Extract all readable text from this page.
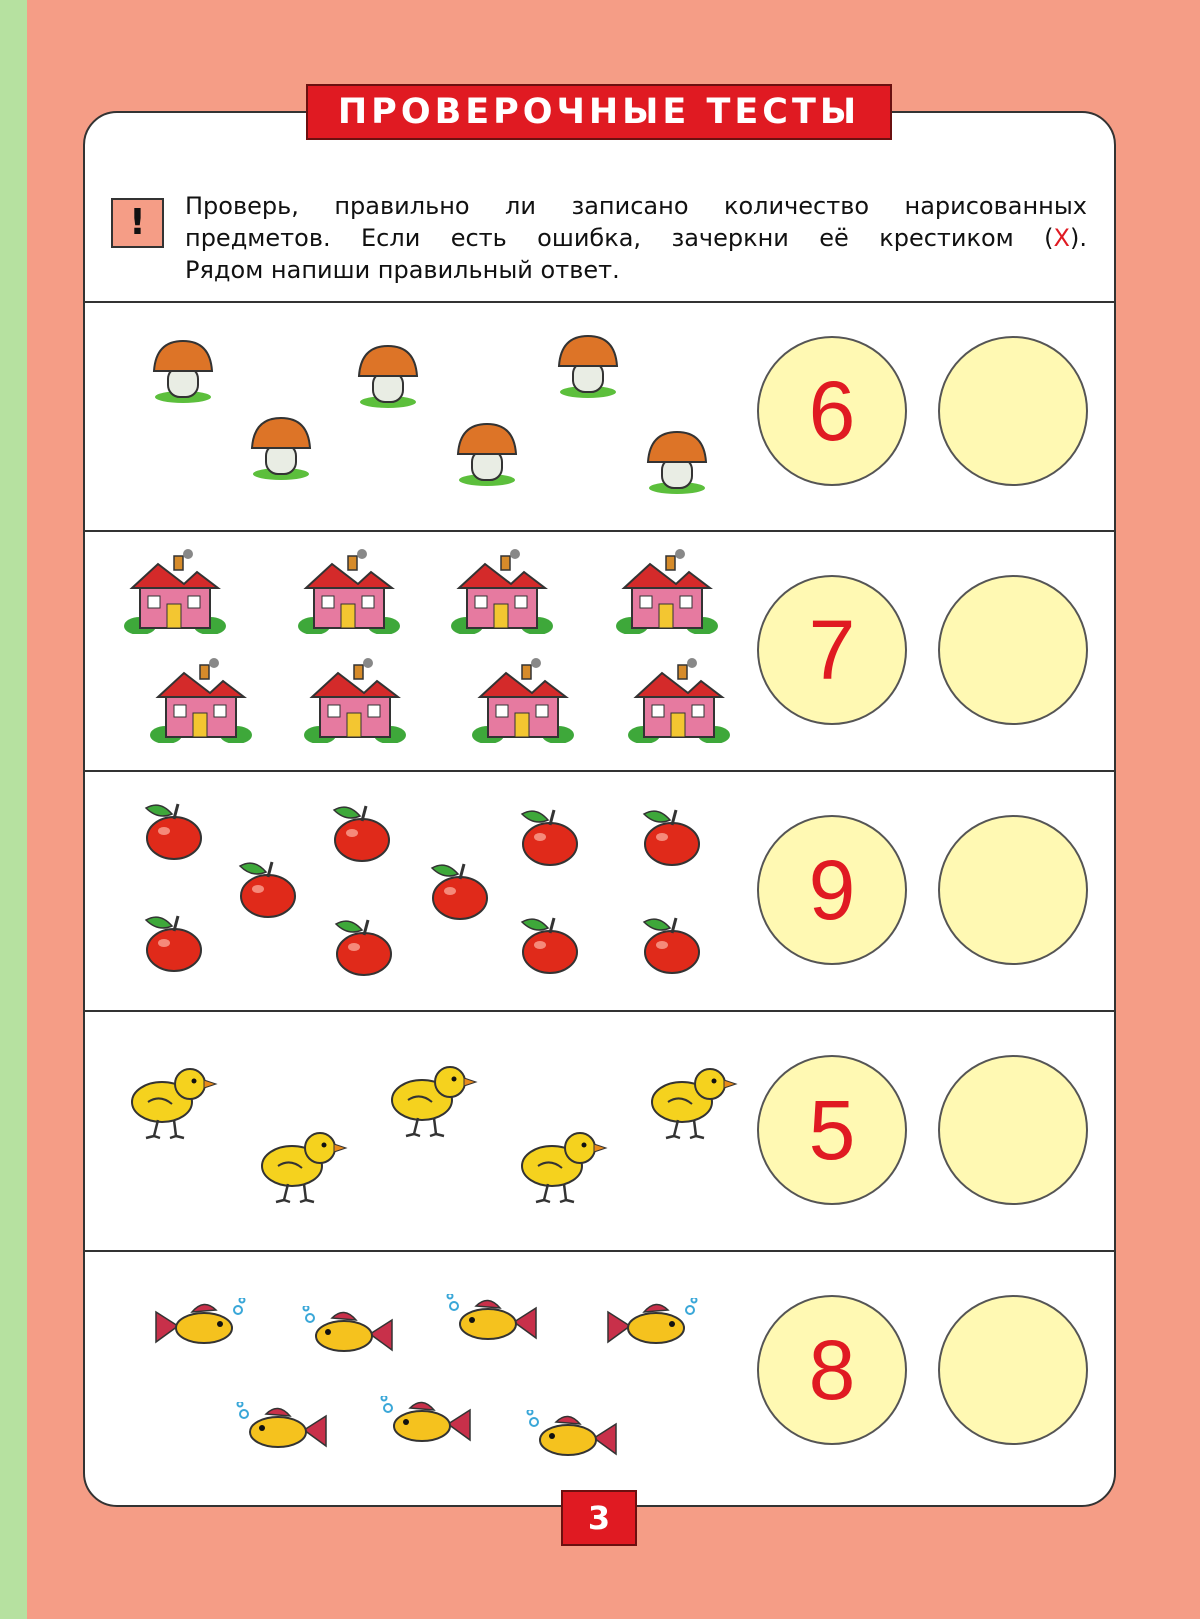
ПРОВЕРОЧНЫЕ ТЕСТЫ
!	Проверь, правильно ли записано количество нарисованных
предметов. Если есть ошибка, зачеркни её крестиком (Х).
Рядом напиши правильный ответ.
6
7
9
5
8
3
